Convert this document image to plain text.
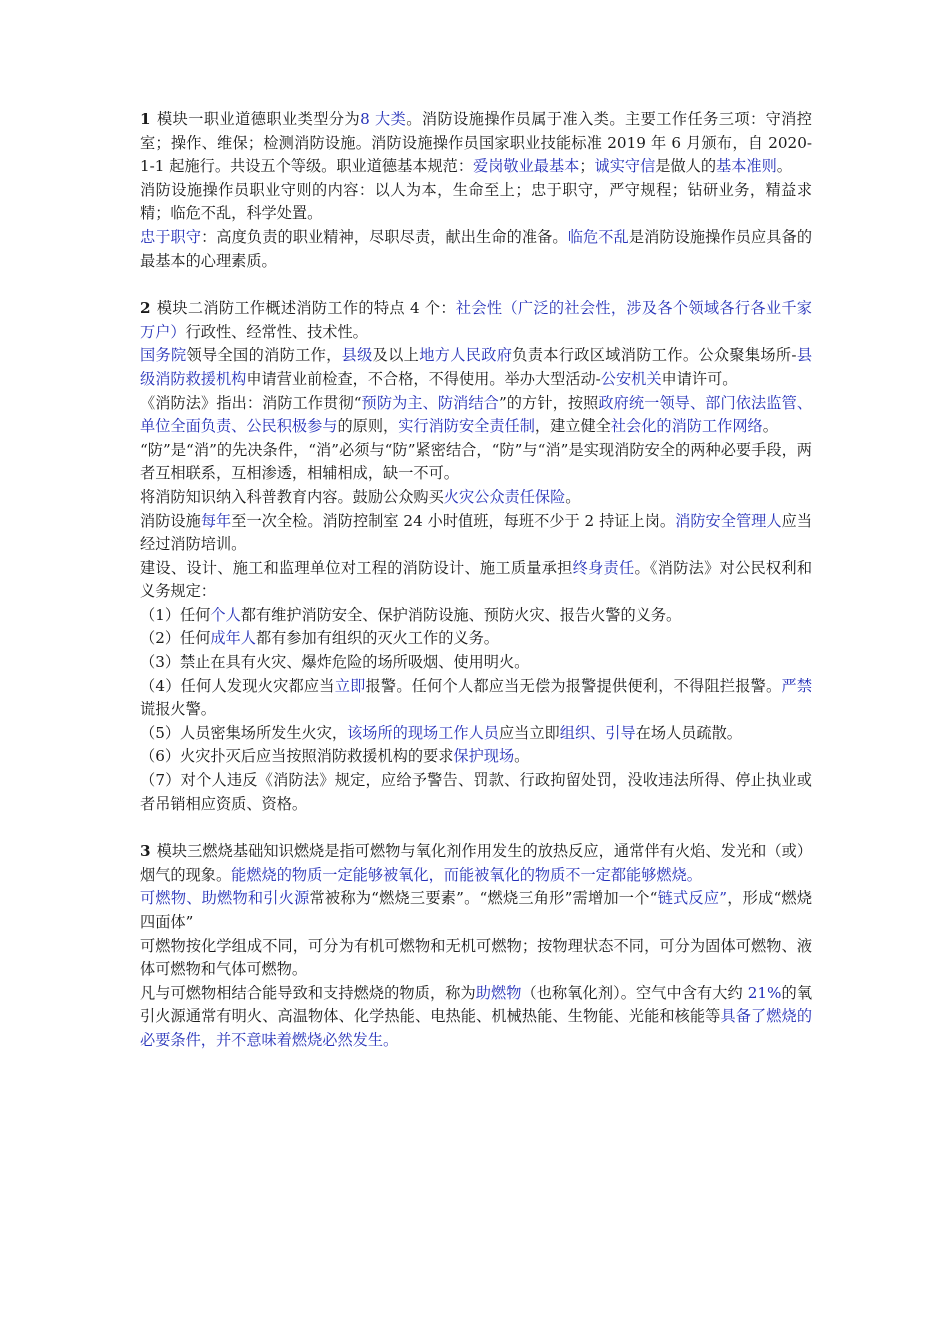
1 模块一职业道德职业类型分为8 大类。消防设施操作员属于准入类。主要工作任务三项：守消控室；操作、维保；检测消防设施。消防设施操作员国家职业技能标准 2019 年 6 月颁布，自 2020-1-1 起施行。共设五个等级。职业道德基本规范：爱岗敬业最基本；诚实守信是做人的基本准则。

消防设施操作员职业守则的内容：以人为本，生命至上；忠于职守，严守规程；钻研业务，精益求精；临危不乱，科学处置。

忠于职守：高度负责的职业精神，尽职尽责，献出生命的准备。临危不乱是消防设施操作员应具备的最基本的心理素质。

2 模块二消防工作概述消防工作的特点 4 个：社会性（广泛的社会性，涉及各个领域各行各业千家万户）行政性、经常性、技术性。

国务院领导全国的消防工作，县级及以上地方人民政府负责本行政区域消防工作。公众聚集场所-县级消防救援机构申请营业前检查，不合格，不得使用。举办大型活动-公安机关申请许可。

《消防法》指出：消防工作贯彻“预防为主、防消结合”的方针，按照政府统一领导、部门依法监管、单位全面负责、公民积极参与的原则，实行消防安全责任制，建立健全社会化的消防工作网络。

“防”是“消”的先决条件，“消”必须与“防”紧密结合，“防”与“消”是实现消防安全的两种必要手段，两者互相联系，互相渗透，相辅相成，缺一不可。

将消防知识纳入科普教育内容。鼓励公众购买火灾公众责任保险。

消防设施每年至一次全检。消防控制室 24 小时值班，每班不少于 2 持证上岗。消防安全管理人应当经过消防培训。

建设、设计、施工和监理单位对工程的消防设计、施工质量承担终身责任。《消防法》对公民权利和义务规定：

（1）任何个人都有维护消防安全、保护消防设施、预防火灾、报告火警的义务。

（2）任何成年人都有参加有组织的灭火工作的义务。

（3）禁止在具有火灾、爆炸危险的场所吸烟、使用明火。

（4）任何人发现火灾都应当立即报警。任何个人都应当无偿为报警提供便利，不得阻拦报警。严禁谎报火警。

（5）人员密集场所发生火灾，该场所的现场工作人员应当立即组织、引导在场人员疏散。

（6）火灾扑灭后应当按照消防救援机构的要求保护现场。

（7）对个人违反《消防法》规定，应给予警告、罚款、行政拘留处罚，没收违法所得、停止执业或者吊销相应资质、资格。

3 模块三燃烧基础知识燃烧是指可燃物与氧化剂作用发生的放热反应，通常伴有火焰、发光和（或）烟气的现象。能燃烧的物质一定能够被氧化，而能被氧化的物质不一定都能够燃烧。

可燃物、助燃物和引火源常被称为“燃烧三要素”。“燃烧三角形”需增加一个“链式反应”，形成“燃烧四面体”

可燃物按化学组成不同，可分为有机可燃物和无机可燃物；按物理状态不同，可分为固体可燃物、液体可燃物和气体可燃物。

凡与可燃物相结合能导致和支持燃烧的物质，称为助燃物（也称氧化剂）。空气中含有大约 21%的氧引火源通常有明火、高温物体、化学热能、电热能、机械热能、生物能、光能和核能等具备了燃烧的必要条件，并不意味着燃烧必然发生。
